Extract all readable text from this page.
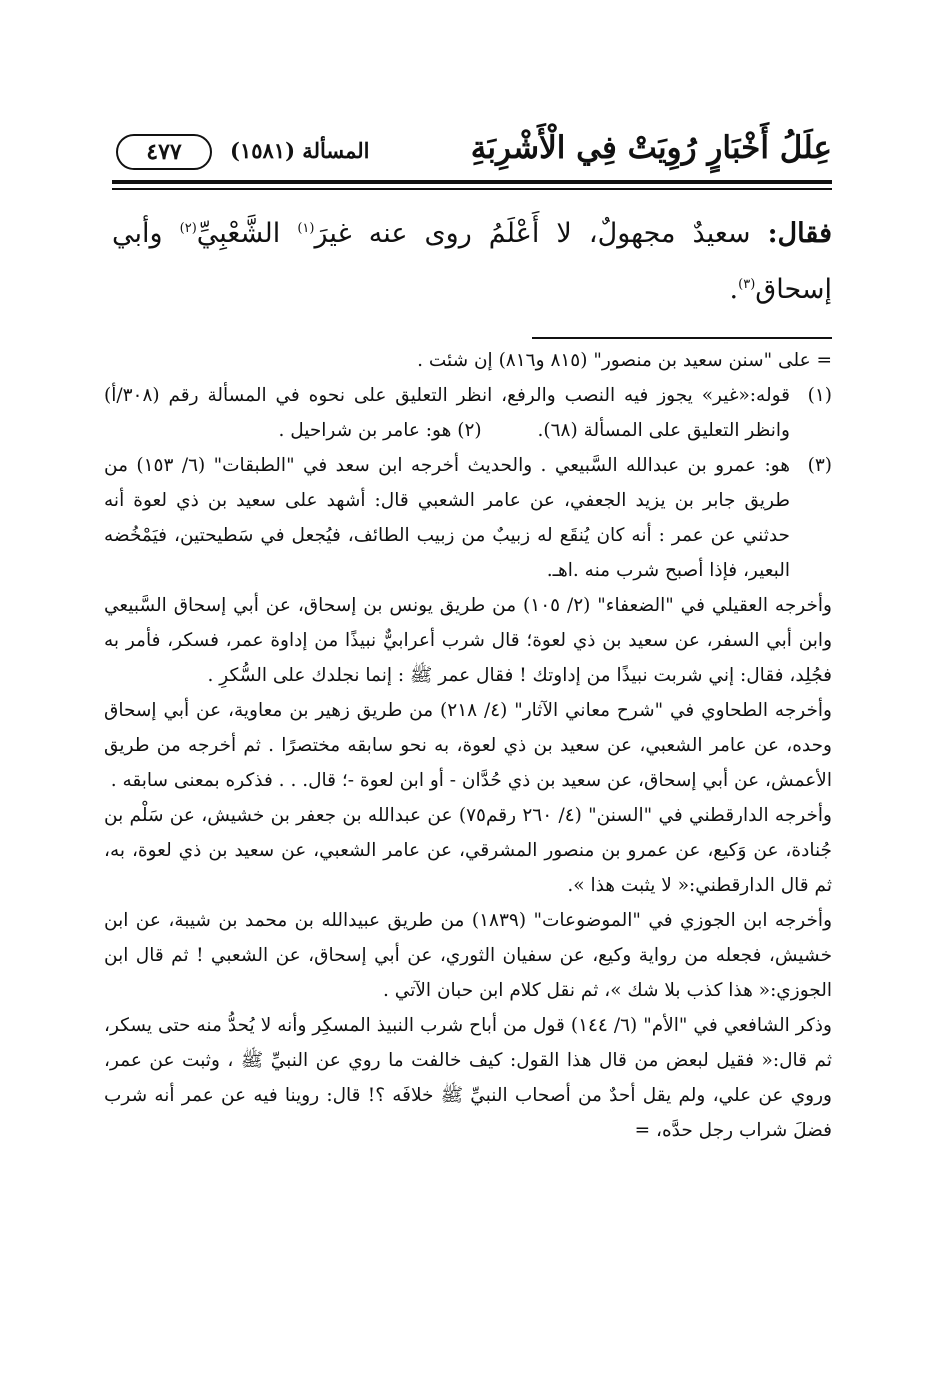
عِلَلُ أَخْبَارٍ رُوِيَتْ فِي الْأَشْرِبَةِ
المسألة (١٥٨١)
٤٧٧
فقال: سعيدٌ مجهولٌ، لا أَعْلَمُ روى عنه غيرَ$^{(١)}$ الشَّعْبِيِّ$^{(٢)}$ وأبي إسحاق$^{(٣)}$.

= على "سنن سعيد بن منصور" (٨١٥ و٨١٦) إن شئت .

(١)
قوله:«غير» يجوز فيه النصب والرفع، انظر التعليق على نحوه في المسألة رقم (٣٠٨/أ) وانظر التعليق على المسألة (٦٨). (٢) هو: عامر بن شراحيل .
(٣)
هو: عمرو بن عبدالله السَّبيعي . والحديث أخرجه ابن سعد في "الطبقات" (٦/ ١٥٣) من طريق جابر بن يزيد الجعفي، عن عامر الشعبي قال: أشهد على سعيد بن ذي لعوة أنه حدثني عن عمر : أنه كان يُنقَع له زبيبٌ من زبيب الطائف، فيُجعل في سَطيحتين، فيَمْخُضه البعير، فإذا أصبح شرب منه .اهـ.

وأخرجه العقيلي في "الضعفاء" (٢/ ١٠٥) من طريق يونس بن إسحاق، عن أبي إسحاق السَّبيعي وابن أبي السفر، عن سعيد بن ذي لعوة؛ قال شرب أعرابيٌّ نبيذًا من إداوة عمر، فسكر، فأمر به فجُلِد، فقال: إني شربت نبيذًا من إداوتك ! فقال عمر ﷺ : إنما نجلدك على السُّكرِ .

وأخرجه الطحاوي في "شرح معاني الآثار" (٤/ ٢١٨) من طريق زهير بن معاوية، عن أبي إسحاق وحده، عن عامر الشعبي، عن سعيد بن ذي لعوة، به نحو سابقه مختصرًا . ثم أخرجه من طريق الأعمش، عن أبي إسحاق، عن سعيد بن ذي حُدَّان - أو ابن لعوة -؛ قال. . . فذكره بمعنى سابقه .

وأخرجه الدارقطني في "السنن" (٤/ ٢٦٠ رقم٧٥) عن عبدالله بن جعفر بن خشيش، عن سَلْم بن جُنادة، عن وَكيع، عن عمرو بن منصور المشرقي، عن عامر الشعبي، عن سعيد بن ذي لعوة، به، ثم قال الدارقطني:« لا يثبت هذا ».

وأخرجه ابن الجوزي في "الموضوعات" (١٨٣٩) من طريق عبيدالله بن محمد بن شيبة، عن ابن خشيش، فجعله من رواية وكيع، عن سفيان الثوري، عن أبي إسحاق، عن الشعبي ! ثم قال ابن الجوزي:« هذا كذب بلا شك »، ثم نقل كلام ابن حبان الآتي .

وذكر الشافعي في "الأم" (٦/ ١٤٤) قول من أباح شرب النبيذ المسكِر وأنه لا يُحدُّ منه حتى يسكر، ثم قال:« فقيل لبعض من قال هذا القول: كيف خالفت ما روي عن النبيِّ ﷺ ، وثبت عن عمر، وروي عن علي، ولم يقل أحدٌ من أصحاب النبيِّ ﷺ خلافَه ؟! قال: روينا فيه عن عمر أنه شرب فضلَ شراب رجل حدَّه، =
